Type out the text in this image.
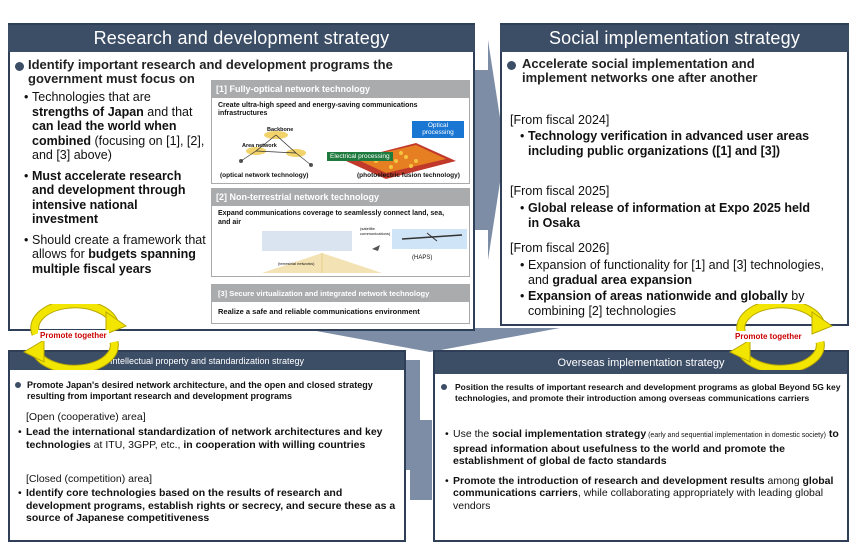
Research and development strategy
Identify important research and development programs the government must focus on
• Technologies that are strengths of Japan and that can lead the world when combined (focusing on [1], [2], and [3] above)
• Must accelerate research and development through intensive national investment
• Should create a framework that allows for budgets spanning multiple fiscal years
[1] Fully-optical network technology
Create ultra-high speed and energy-saving communications infrastructures
Backbone
Area network
Optical processing
Electrical processing
(optical network technology)	(photoelectric fusion technology)
[2] Non-terrestrial network technology
Expand communications coverage to seamlessly connect land, sea, and air
(HAPS)
(satellite communications)
(terrestrial networks)
[3] Secure virtualization and integrated network technology
Realize a safe and reliable communications environment
Social implementation strategy
Accelerate social implementation and implement networks one after another
[From fiscal 2024]
• Technology verification in advanced user areas including public organizations ([1] and [3])
[From fiscal 2025]
• Global release of information at Expo 2025 held in Osaka
[From fiscal 2026]
• Expansion of functionality for [1] and [3] technologies, and gradual area expansion
• Expansion of areas nationwide and globally by combining [2] technologies
Intellectual property and standardization strategy
Promote Japan's desired network architecture, and the open and closed strategy resulting from important research and development programs
[Open (cooperative) area]
• Lead the international standardization of network architectures and key technologies at ITU, 3GPP, etc., in cooperation with willing countries
[Closed (competition) area]
• Identify core technologies based on the results of research and development programs, establish rights or secrecy, and secure these as a source of Japanese competitiveness
Overseas implementation strategy
Position the results of important research and development programs as global Beyond 5G key technologies, and promote their introduction among overseas communications carriers
• Use the social implementation strategy (early and sequential implementation in domestic society) to spread information about usefulness to the world and promote the establishment of global de facto standards
• Promote the introduction of research and development results among global communications carriers, while collaborating appropriately with leading global vendors
Promote together	Promote together
